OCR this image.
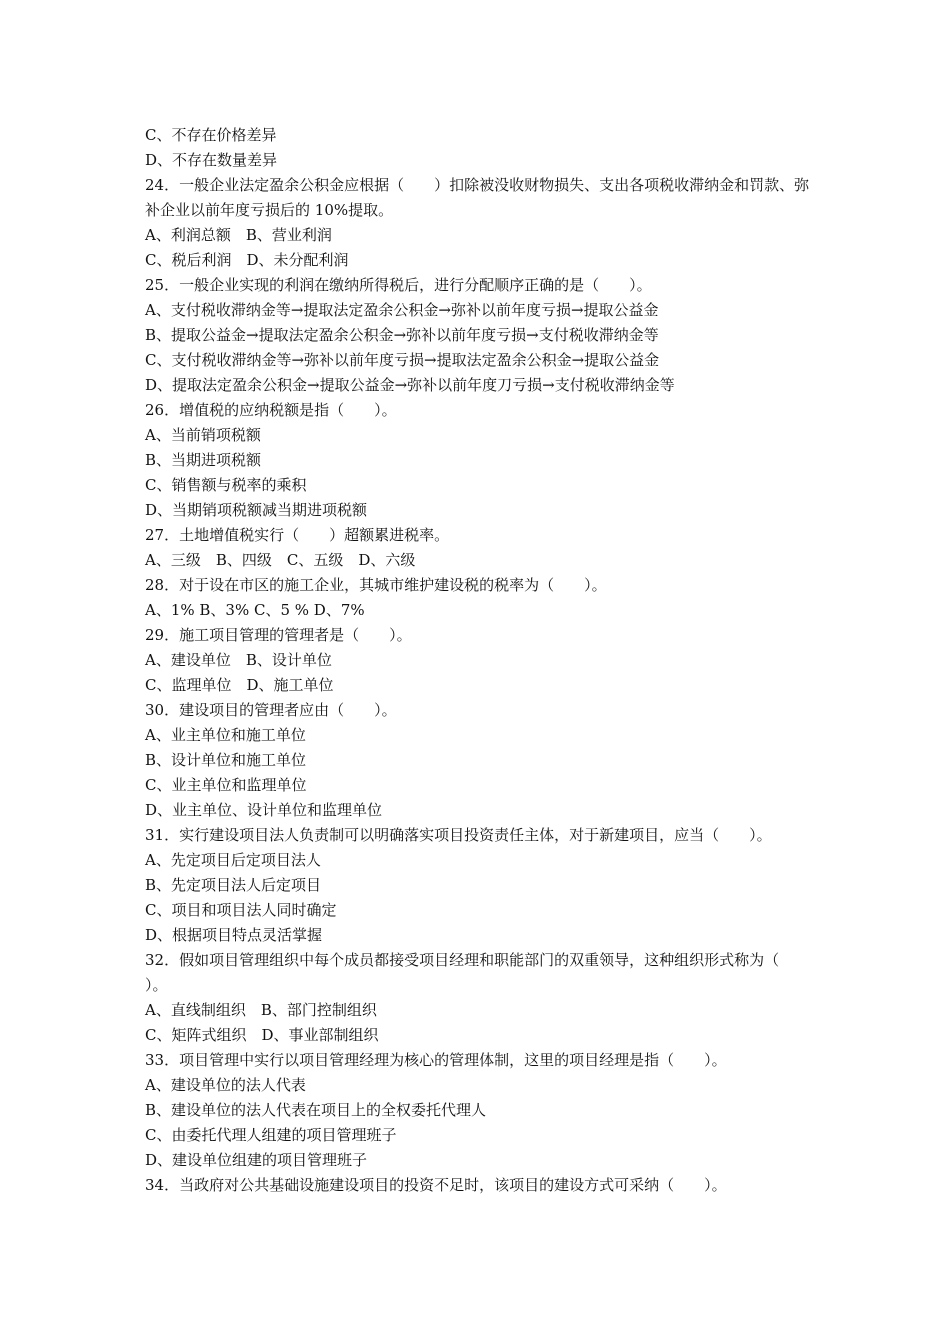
C、不存在价格差异
D、不存在数量差异
24．一般企业法定盈余公积金应根据（　　）扣除被没收财物损失、支出各项税收滞纳金和罚款、弥补企业以前年度亏损后的 10%提取。
A、利润总额　B、营业利润
C、税后利润　D、未分配利润
25．一般企业实现的利润在缴纳所得税后，进行分配顺序正确的是（　　）。
A、支付税收滞纳金等→提取法定盈余公积金→弥补以前年度亏损→提取公益金
B、提取公益金→提取法定盈余公积金→弥补以前年度亏损→支付税收滞纳金等
C、支付税收滞纳金等→弥补以前年度亏损→提取法定盈余公积金→提取公益金
D、提取法定盈余公积金→提取公益金→弥补以前年度刀亏损→支付税收滞纳金等
26．增值税的应纳税额是指（　　）。
A、当前销项税额
B、当期进项税额
C、销售额与税率的乘积
D、当期销项税额减当期进项税额
27．土地增值税实行（　　）超额累进税率。
A、三级　B、四级　C、五级　D、六级
28．对于设在市区的施工企业，其城市维护建设税的税率为（　　）。
A、1% B、3% C、5 % D、7%
29．施工项目管理的管理者是（　　）。
A、建设单位　B、设计单位
C、监理单位　D、施工单位
30．建设项目的管理者应由（　　）。
A、业主单位和施工单位
B、设计单位和施工单位
C、业主单位和监理单位
D、业主单位、设计单位和监理单位
31．实行建设项目法人负责制可以明确落实项目投资责任主体，对于新建项目，应当（　　）。
A、先定项目后定项目法人
B、先定项目法人后定项目
C、项目和项目法人同时确定
D、根据项目特点灵活掌握
32．假如项目管理组织中每个成员都接受项目经理和职能部门的双重领导，这种组织形式称为（　　）。
A、直线制组织　B、部门控制组织
C、矩阵式组织　D、事业部制组织
33．项目管理中实行以项目管理经理为核心的管理体制，这里的项目经理是指（　　）。
A、建设单位的法人代表
B、建设单位的法人代表在项目上的全权委托代理人
C、由委托代理人组建的项目管理班子
D、建设单位组建的项目管理班子
34．当政府对公共基础设施建设项目的投资不足时，该项目的建设方式可采纳（　　）。
